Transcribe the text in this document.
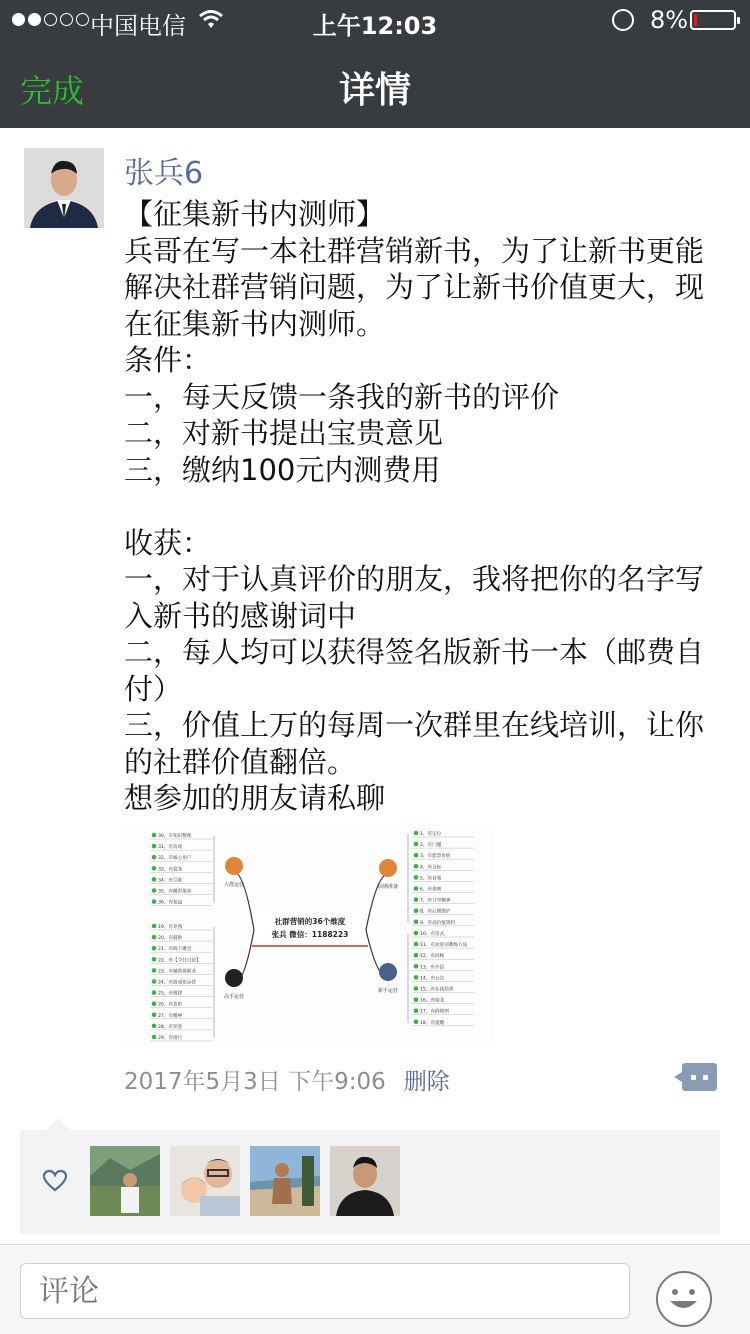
中国电信	上午12:03	8%
完成	详情
张兵6
【征集新书内测师】
兵哥在写一本社群营销新书，为了让新书更能解决社群营销问题，为了让新书价值更大，现在征集新书内测师。
条件：
一，每天反馈一条我的新书的评价
二，对新书提出宝贵意见
三，缴纳100元内测费用

收获：
一，对于认真评价的朋友，我将把你的名字写入新书的感谢词中
二，每人均可以获得签名版新书一本（邮费自付）
三，价值上万的每周一次群里在线培训，让你的社群价值翻倍。
想参加的朋友请私聊
社群营销的36个维度
张兵 微信：1188223
大群运营
30、有知识整理
31、有访谈
32、有核心用户
33、有裂变
34、有互推
35、有精彩推荐
36、有复盘
前期准备
1、有定位
2、有门槛
3、有愿景价值
4、有目标
5、有首领
6、有规则
7、有分享精神
8、有后期维护
9、有高价值资料
高手运营
19、有养熟
20、有鼓励
21、有线下聚会
22、有【今日讨论】
23、有辅助群职业
24、有游戏化运营
25、有规律
26、有表彰
27、有精神
28、有荣誉
29、有排行
新手运营
10、有仪式
11、有欢迎词教练方法
12、有回顾
13、有介绍
14、有公告
15、有在线培训
16、有接龙
17、有群规则
18、有提醒
2017年5月3日 下午9:06 删除
评论
